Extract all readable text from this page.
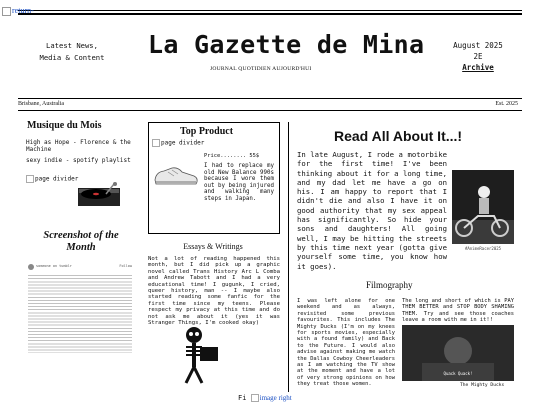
return-
Latest News,
Media & Content	La Gazette de Mina
JOURNAL QUOTIDIEN AUJOURD'HUI
August 2025
2E
Archive
Brisbane, Australia	Est. 2025
Musique du Mois
High as Hope - Florence & the Machine
sexy indie - spotify playlist
page divider
Screenshot of the
Month
someone on tumblr	Follow
Top Product
page divider
Price........ 55$
I had to replace my old New Balance 990s because I wore them out by being injured and walking many steps in Japan.
Essays & Writings
Not a lot of reading happened this month, but I did pick up a graphic novel called Trans History Arc L Comba and Andrew Tabott and I had a very educational time! I gugunk, I cried, queer history, man -- I maybe also started reading some fanfic for the first time since my teens. Please respect my privacy at this time and do not ask me about it (yes it was Stranger Things, I'm cooked okay)
Fi image right
Read All About It...!
In late August, I rode a motorbike for the first time! I've been thinking about it for a long time, and my dad let me have a go on his. I am happy to report that I didn't die and also I have it on good authority that my sex appeal has significantly. So hide your sons and daughters! All going well, I may be hitting the streets by this time next year (gotta give yourself some time, you know how it goes).
#AnimeRacer2025
Filmography
I was left alone for one weekend and as always, revisited some previous favourites. This includes The Mighty Ducks (I'm on my knees for sports movies, especially with a found family) and Back to the Future. I would also advise against making me watch the Dallas Cowboy Cheerleaders as I am watching the TV show at the moment and have a lot of very strong opinions on how they treat those women.
The long and short of which is PAY THEM BETTER and STOP BODY SHAMING THEM. Try and see those coaches leave a room with me in it!!
Quack Quack!
The Mighty Ducks
